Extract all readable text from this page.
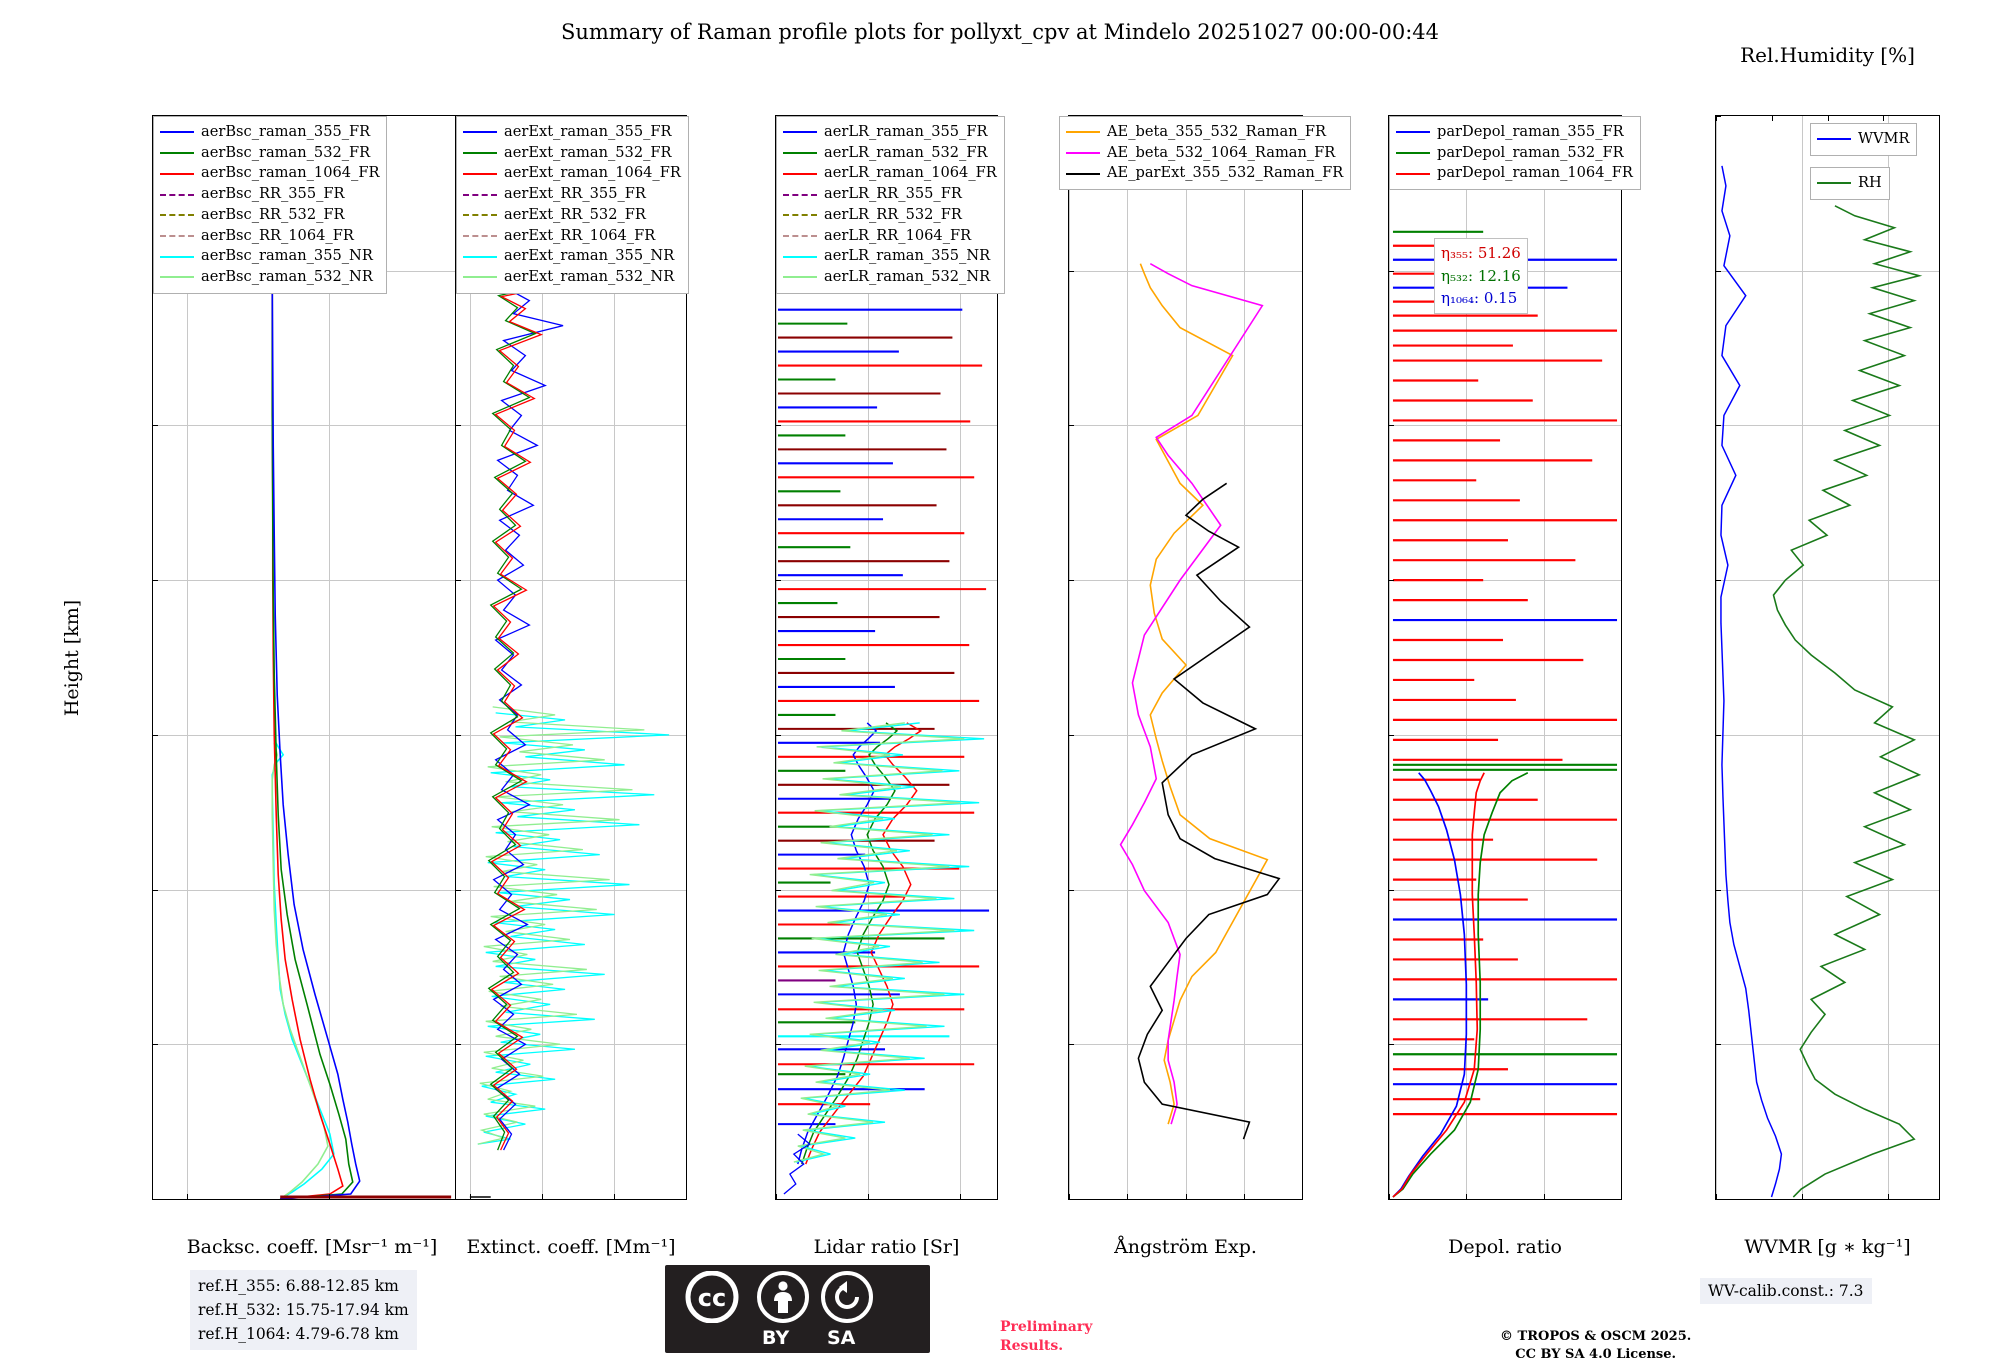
Summary of Raman profile plots for pollyxt_cpv at Mindelo 20251027 00:00-00:44
Height [km]
Backsc. coeff. [Msr⁻¹ m⁻¹]
aerBsc_raman_355_FR
aerBsc_raman_532_FR
aerBsc_raman_1064_FR
aerBsc_RR_355_FR
aerBsc_RR_532_FR
aerBsc_RR_1064_FR
aerBsc_raman_355_NR
aerBsc_raman_532_NR
Extinct. coeff. [Mm⁻¹]
aerExt_raman_355_FR
aerExt_raman_532_FR
aerExt_raman_1064_FR
aerExt_RR_355_FR
aerExt_RR_532_FR
aerExt_RR_1064_FR
aerExt_raman_355_NR
aerExt_raman_532_NR
Lidar ratio [Sr]
aerLR_raman_355_FR
aerLR_raman_532_FR
aerLR_raman_1064_FR
aerLR_RR_355_FR
aerLR_RR_532_FR
aerLR_RR_1064_FR
aerLR_raman_355_NR
aerLR_raman_532_NR
Ångström Exp.
AE_beta_355_532_Raman_FR
AE_beta_532_1064_Raman_FR
AE_parExt_355_532_Raman_FR
η₃₅₅: 51.26
η₅₃₂: 12.16
η₁₀₆₄: 0.15
Depol. ratio
parDepol_raman_355_FR
parDepol_raman_532_FR
parDepol_raman_1064_FR
WVMR [g ∗ kg⁻¹]
Rel.Humidity [%]
WVMR
RH
ref.H_355: 6.88-12.85 km
ref.H_532: 15.75-17.94 km
ref.H_1064: 4.79-6.78 km
WV-calib.const.: 7.3
Preliminary
Results.
© TROPOS & OSCM 2025.
CC BY SA 4.0 License.
cc
BY SA
